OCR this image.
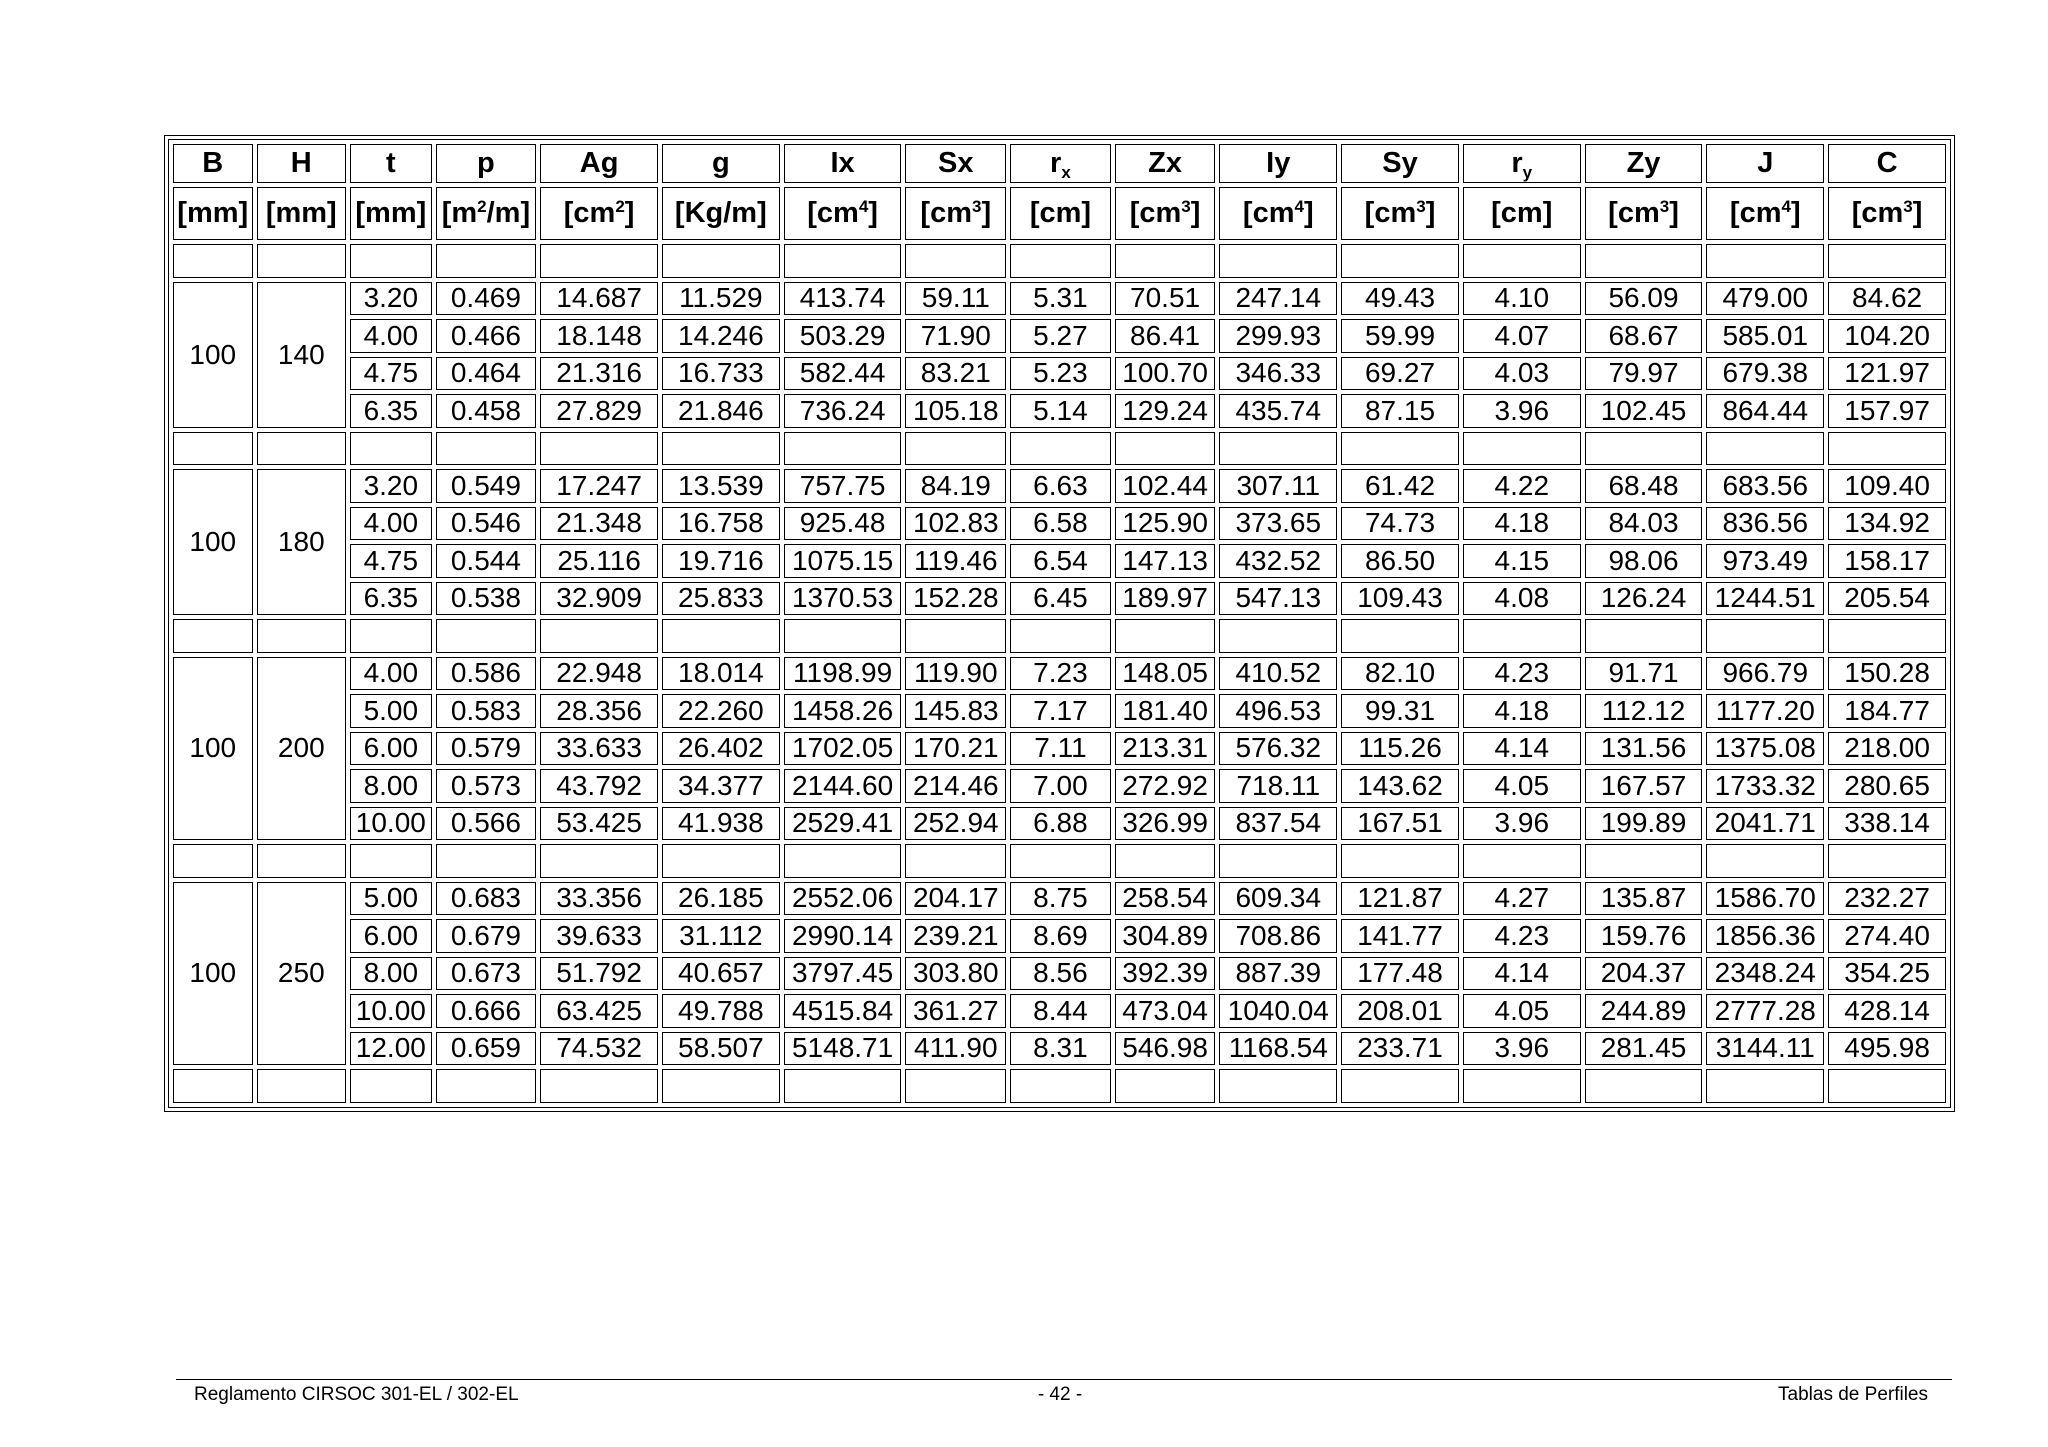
B	H	t	p	Ag	g	Ix	Sx	$r_x$	Zx	Iy	Sy	$r_y$	Zy	J	C
[mm]	[mm]	[mm]	$[m^2/m]$	$[cm^2]$	[Kg/m]	$[cm^4]$	$[cm^3]$	[cm]	$[cm^3]$	$[cm^4]$	$[cm^3]$	[cm]	$[cm^3]$	$[cm^4]$	$[cm^3]$

100	140	3.20	0.469	14.687	11.529	413.74	59.11	5.31	70.51	247.14	49.43	4.10	56.09	479.00	84.62
		4.00	0.466	18.148	14.246	503.29	71.90	5.27	86.41	299.93	59.99	4.07	68.67	585.01	104.20
		4.75	0.464	21.316	16.733	582.44	83.21	5.23	100.70	346.33	69.27	4.03	79.97	679.38	121.97
		6.35	0.458	27.829	21.846	736.24	105.18	5.14	129.24	435.74	87.15	3.96	102.45	864.44	157.97

100	180	3.20	0.549	17.247	13.539	757.75	84.19	6.63	102.44	307.11	61.42	4.22	68.48	683.56	109.40
		4.00	0.546	21.348	16.758	925.48	102.83	6.58	125.90	373.65	74.73	4.18	84.03	836.56	134.92
		4.75	0.544	25.116	19.716	1075.15	119.46	6.54	147.13	432.52	86.50	4.15	98.06	973.49	158.17
		6.35	0.538	32.909	25.833	1370.53	152.28	6.45	189.97	547.13	109.43	4.08	126.24	1244.51	205.54

100	200	4.00	0.586	22.948	18.014	1198.99	119.90	7.23	148.05	410.52	82.10	4.23	91.71	966.79	150.28
		5.00	0.583	28.356	22.260	1458.26	145.83	7.17	181.40	496.53	99.31	4.18	112.12	1177.20	184.77
		6.00	0.579	33.633	26.402	1702.05	170.21	7.11	213.31	576.32	115.26	4.14	131.56	1375.08	218.00
		8.00	0.573	43.792	34.377	2144.60	214.46	7.00	272.92	718.11	143.62	4.05	167.57	1733.32	280.65
		10.00	0.566	53.425	41.938	2529.41	252.94	6.88	326.99	837.54	167.51	3.96	199.89	2041.71	338.14

100	250	5.00	0.683	33.356	26.185	2552.06	204.17	8.75	258.54	609.34	121.87	4.27	135.87	1586.70	232.27
		6.00	0.679	39.633	31.112	2990.14	239.21	8.69	304.89	708.86	141.77	4.23	159.76	1856.36	274.40
		8.00	0.673	51.792	40.657	3797.45	303.80	8.56	392.39	887.39	177.48	4.14	204.37	2348.24	354.25
		10.00	0.666	63.425	49.788	4515.84	361.27	8.44	473.04	1040.04	208.01	4.05	244.89	2777.28	428.14
		12.00	0.659	74.532	58.507	5148.71	411.90	8.31	546.98	1168.54	233.71	3.96	281.45	3144.11	495.98

Reglamento CIRSOC 301-EL / 302-EL	- 42 -	Tablas de Perfiles
